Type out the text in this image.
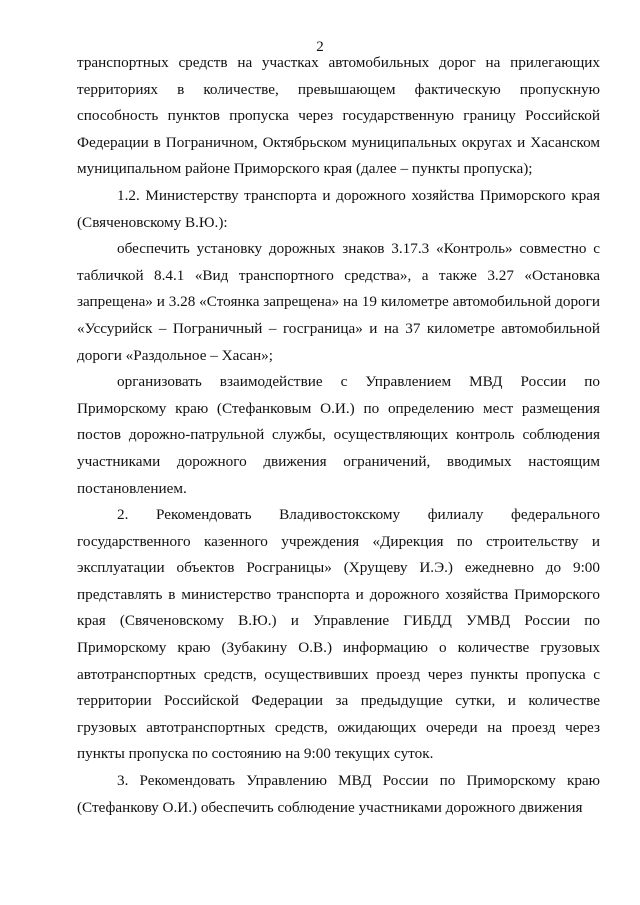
2

транспортных средств на участках автомобильных дорог на прилегающих территориях в количестве, превышающем фактическую пропускную способность пунктов пропуска через государственную границу Российской Федерации в Пограничном, Октябрьском муниципальных округах и Хасанском муниципальном районе Приморского края (далее – пункты пропуска);

1.2. Министерству транспорта и дорожного хозяйства Приморского края (Свяченовскому В.Ю.):

обеспечить установку дорожных знаков 3.17.3 «Контроль» совместно с табличкой 8.4.1 «Вид транспортного средства», а также 3.27 «Остановка запрещена» и 3.28 «Стоянка запрещена» на 19 километре автомобильной дороги «Уссурийск – Пограничный – госграница» и на 37 километре автомобильной дороги «Раздольное – Хасан»;

организовать взаимодействие с Управлением МВД России по Приморскому краю (Стефанковым О.И.) по определению мест размещения постов дорожно-патрульной службы, осуществляющих контроль соблюдения участниками дорожного движения ограничений, вводимых настоящим постановлением.

2. Рекомендовать Владивостокскому филиалу федерального государственного казенного учреждения «Дирекция по строительству и эксплуатации объектов Росграницы» (Хрущеву И.Э.) ежедневно до 9:00 представлять в министерство транспорта и дорожного хозяйства Приморского края (Свяченовскому В.Ю.) и Управление ГИБДД УМВД России по Приморскому краю (Зубакину О.В.) информацию о количестве грузовых автотранспортных средств, осуществивших проезд через пункты пропуска с территории Российской Федерации за предыдущие сутки, и количестве грузовых автотранспортных средств, ожидающих очереди на проезд через пункты пропуска по состоянию на 9:00 текущих суток.

3. Рекомендовать Управлению МВД России по Приморскому краю (Стефанкову О.И.) обеспечить соблюдение участниками дорожного движения
